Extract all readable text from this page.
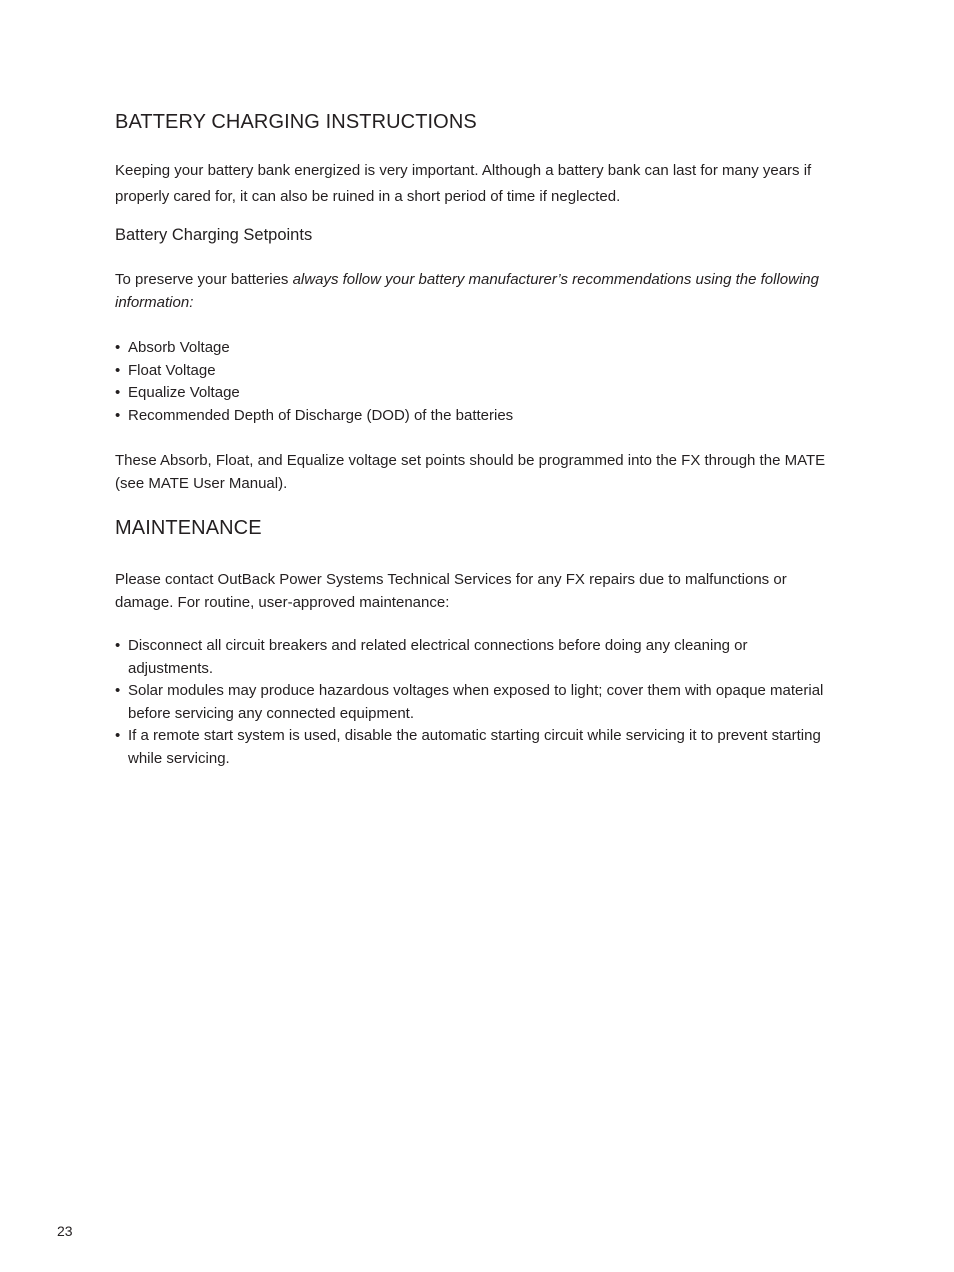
BATTERY CHARGING INSTRUCTIONS

Keeping your battery bank energized is very important. Although a battery bank can last for many years if properly cared for, it can also be ruined in a short period of time if neglected.

Battery Charging Setpoints

To preserve your batteries always follow your battery manufacturer’s recommendations using the following information:

• Absorb Voltage
• Float Voltage
• Equalize Voltage
• Recommended Depth of Discharge (DOD) of the batteries

These Absorb, Float, and Equalize voltage set points should be programmed into the FX through the MATE (see MATE User Manual).

MAINTENANCE

Please contact OutBack Power Systems Technical Services for any FX repairs due to malfunctions or damage. For routine, user-approved maintenance:

• Disconnect all circuit breakers and related electrical connections before doing any cleaning or adjustments.
• Solar modules may produce hazardous voltages when exposed to light; cover them with opaque material before servicing any connected equipment.
• If a remote start system is used, disable the automatic starting circuit while servicing it to prevent starting while servicing.
23
